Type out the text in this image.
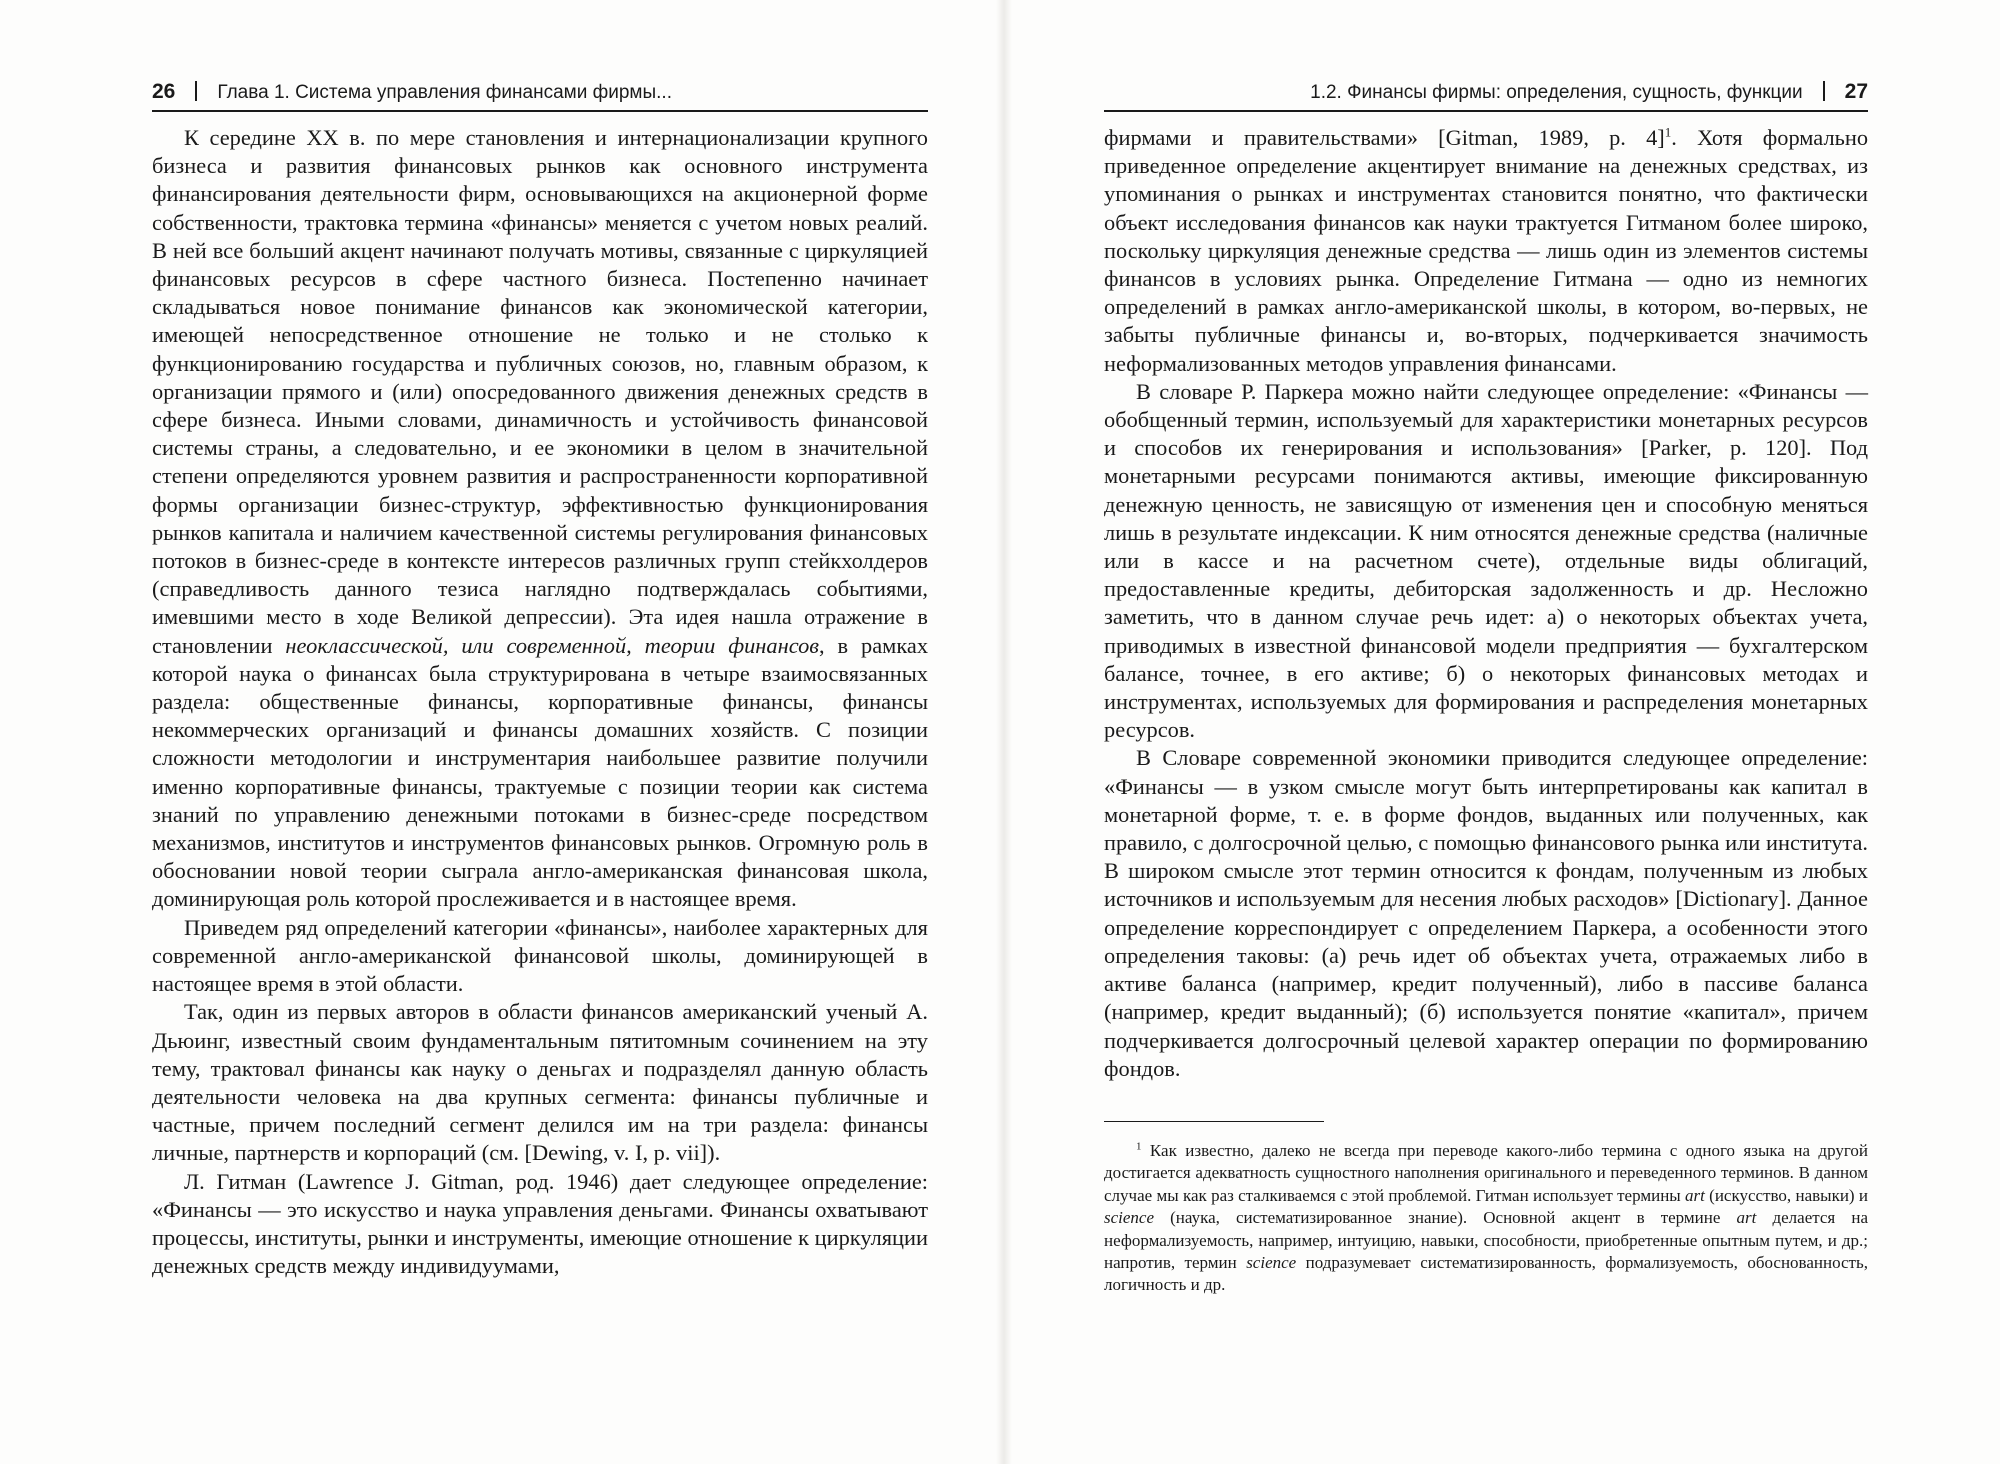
26 Глава 1. Система управления финансами фирмы...

К середине XX в. по мере становления и интернационализации крупного бизнеса и развития финансовых рынков как основного инструмента финансирования деятельности фирм, основывающихся на акционерной форме собственности, трактовка термина «финансы» меняется с учетом новых реалий. В ней все больший акцент начинают получать мотивы, связанные с циркуляцией финансовых ресурсов в сфере частного бизнеса. Постепенно начинает складываться новое понимание финансов как экономической категории, имеющей непосредственное отношение не только и не столько к функционированию государства и публичных союзов, но, главным образом, к организации прямого и (или) опосредованного движения денежных средств в сфере бизнеса. Иными словами, динамичность и устойчивость финансовой системы страны, а следовательно, и ее экономики в целом в значительной степени определяются уровнем развития и распространенности корпоративной формы организации бизнес-структур, эффективностью функционирования рынков капитала и наличием качественной системы регулирования финансовых потоков в бизнес-среде в контексте интересов различных групп стейкхолдеров (справедливость данного тезиса наглядно подтверждалась событиями, имевшими место в ходе Великой депрессии). Эта идея нашла отражение в становлении неоклассической, или современной, теории финансов, в рамках которой наука о финансах была структурирована в четыре взаимосвязанных раздела: общественные финансы, корпоративные финансы, финансы некоммерческих организаций и финансы домашних хозяйств. С позиции сложности методологии и инструментария наибольшее развитие получили именно корпоративные финансы, трактуемые с позиции теории как система знаний по управлению денежными потоками в бизнес-среде посредством механизмов, институтов и инструментов финансовых рынков. Огромную роль в обосновании новой теории сыграла англо-американская финансовая школа, доминирующая роль которой прослеживается и в настоящее время.

Приведем ряд определений категории «финансы», наиболее характерных для современной англо-американской финансовой школы, доминирующей в настоящее время в этой области.

Так, один из первых авторов в области финансов американский ученый А. Дьюинг, известный своим фундаментальным пятитомным сочинением на эту тему, трактовал финансы как науку о деньгах и подразделял данную область деятельности человека на два крупных сегмента: финансы публичные и частные, причем последний сегмент делился им на три раздела: финансы личные, партнерств и корпораций (см. [Dewing, v. I, p. vii]).

Л. Гитман (Lawrence J. Gitman, род. 1946) дает следующее определение: «Финансы — это искусство и наука управления деньгами. Финансы охватывают процессы, институты, рынки и инструменты, имеющие отношение к циркуляции денежных средств между индивидуумами,

1.2. Финансы фирмы: определения, сущность, функции 27

фирмами и правительствами» [Gitman, 1989, p. 4]$^1$. Хотя формально приведенное определение акцентирует внимание на денежных средствах, из упоминания о рынках и инструментах становится понятно, что фактически объект исследования финансов как науки трактуется Гитманом более широко, поскольку циркуляция денежные средства — лишь один из элементов системы финансов в условиях рынка. Определение Гитмана — одно из немногих определений в рамках англо-американской школы, в котором, во-первых, не забыты публичные финансы и, во-вторых, подчеркивается значимость неформализованных методов управления финансами.

В словаре Р. Паркера можно найти следующее определение: «Финансы — обобщенный термин, используемый для характеристики монетарных ресурсов и способов их генерирования и использования» [Parker, p. 120]. Под монетарными ресурсами понимаются активы, имеющие фиксированную денежную ценность, не зависящую от изменения цен и способную меняться лишь в результате индексации. К ним относятся денежные средства (наличные или в кассе и на расчетном счете), отдельные виды облигаций, предоставленные кредиты, дебиторская задолженность и др. Несложно заметить, что в данном случае речь идет: а) о некоторых объектах учета, приводимых в известной финансовой модели предприятия — бухгалтерском балансе, точнее, в его активе; б) о некоторых финансовых методах и инструментах, используемых для формирования и распределения монетарных ресурсов.

В Словаре современной экономики приводится следующее определение: «Финансы — в узком смысле могут быть интерпретированы как капитал в монетарной форме, т. е. в форме фондов, выданных или полученных, как правило, с долгосрочной целью, с помощью финансового рынка или института. В широком смысле этот термин относится к фондам, полученным из любых источников и используемым для несения любых расходов» [Dictionary]. Данное определение корреспондирует с определением Паркера, а особенности этого определения таковы: (а) речь идет об объектах учета, отражаемых либо в активе баланса (например, кредит полученный), либо в пассиве баланса (например, кредит выданный); (б) используется понятие «капитал», причем подчеркивается долгосрочный целевой характер операции по формированию фондов.

$^1$ Как известно, далеко не всегда при переводе какого-либо термина с одного языка на другой достигается адекватность сущностного наполнения оригинального и переведенного терминов. В данном случае мы как раз сталкиваемся с этой проблемой. Гитман использует термины art (искусство, навыки) и science (наука, систематизированное знание). Основной акцент в термине art делается на неформализуемость, например, интуицию, навыки, способности, приобретенные опытным путем, и др.; напротив, термин science подразумевает систематизированность, формализуемость, обоснованность, логичность и др.
